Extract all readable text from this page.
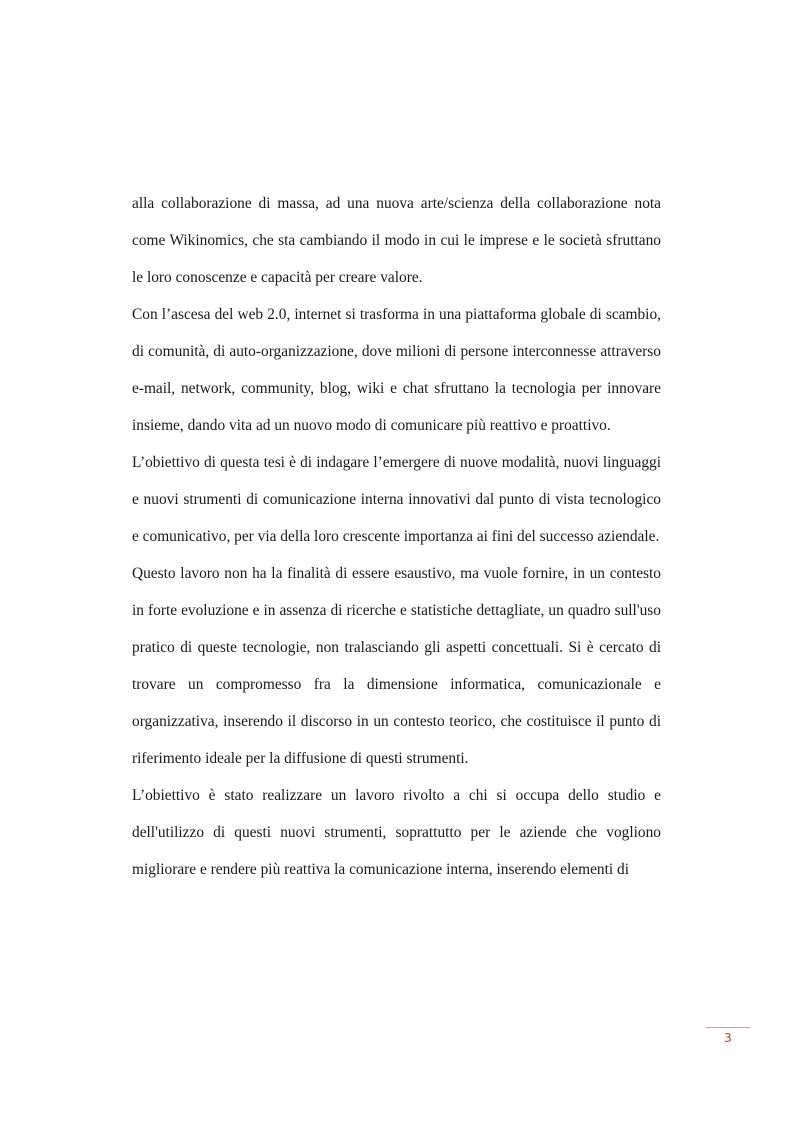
alla collaborazione di massa, ad una nuova arte/scienza della collaborazione nota come Wikinomics, che sta cambiando il modo in cui le imprese e le società sfruttano le loro conoscenze e capacità per creare valore.

Con l’ascesa del web 2.0, internet si trasforma in una piattaforma globale di scambio, di comunità, di auto-organizzazione, dove milioni di persone interconnesse attraverso e-mail, network, community, blog, wiki e chat sfruttano la tecnologia per innovare insieme, dando vita ad un nuovo modo di comunicare più reattivo e proattivo.

L’obiettivo di questa tesi è di indagare l’emergere di nuove modalità, nuovi linguaggi e nuovi strumenti di comunicazione interna innovativi dal punto di vista tecnologico e comunicativo, per via della loro crescente importanza ai fini del successo aziendale.

Questo lavoro non ha la finalità di essere esaustivo, ma vuole fornire, in un contesto in forte evoluzione e in assenza di ricerche e statistiche dettagliate, un quadro sull'uso pratico di queste tecnologie, non tralasciando gli aspetti concettuali. Si è cercato di trovare un compromesso fra la dimensione informatica, comunicazionale e organizzativa, inserendo il discorso in un contesto teorico, che costituisce il punto di riferimento ideale per la diffusione di questi strumenti.

L’obiettivo è stato realizzare un lavoro rivolto a chi si occupa dello studio e dell'utilizzo di questi nuovi strumenti, soprattutto per le aziende che vogliono migliorare e rendere più reattiva la comunicazione interna, inserendo elementi di

3
